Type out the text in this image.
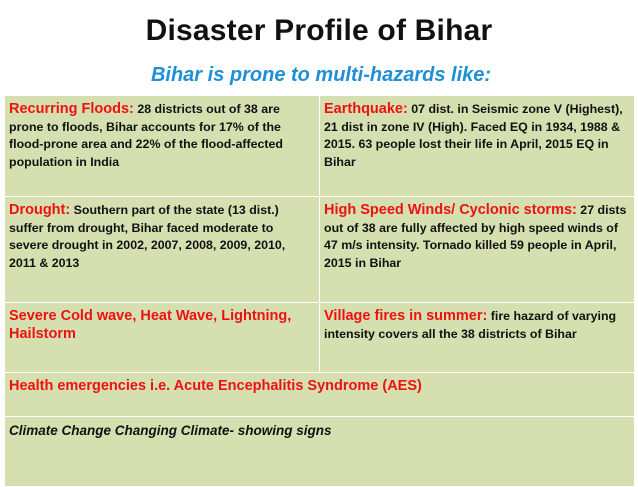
Disaster Profile of Bihar
Bihar is prone to multi-hazards like:
Recurring Floods: 28 districts out of 38 are prone to floods, Bihar accounts for 17% of the flood-prone area and 22% of the flood-affected population in India	Earthquake: 07 dist. in Seismic zone V (Highest), 21 dist in zone IV (High). Faced EQ in 1934, 1988 & 2015. 63 people lost their life in April, 2015 EQ in Bihar
Drought: Southern part of the state (13 dist.) suffer from drought, Bihar faced moderate to severe drought in 2002, 2007, 2008, 2009, 2010, 2011 & 2013	High Speed Winds/ Cyclonic storms: 27 dists out of 38 are fully affected by high speed winds of 47 m/s intensity. Tornado killed 59 people in April, 2015 in Bihar
Severe Cold wave, Heat Wave, Lightning, Hailstorm	Village fires in summer: fire hazard of varying intensity covers all the 38 districts of Bihar
Health emergencies i.e. Acute Encephalitis Syndrome (AES)	
Climate Change Changing Climate- showing signs	
